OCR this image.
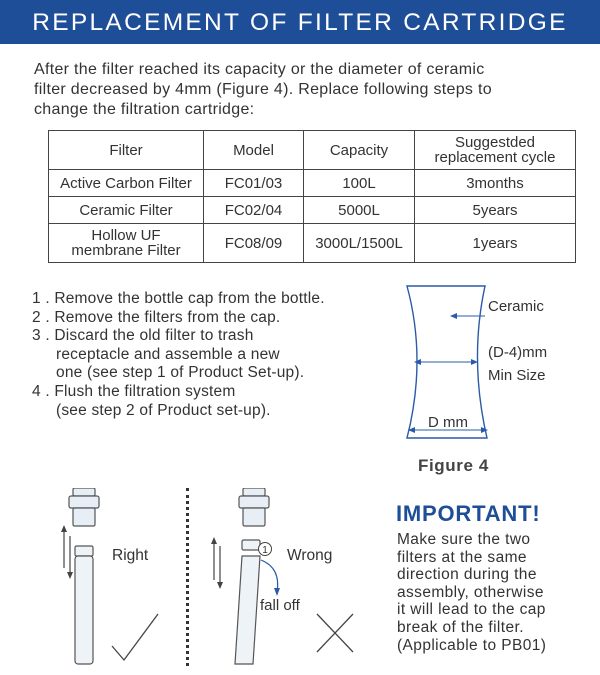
REPLACEMENT OF FILTER CARTRIDGE
After the filter reached its capacity or the diameter of ceramic
filter decreased by 4mm (Figure 4). Replace following steps to
change the filtration cartridge:
Filter	Model	Capacity	Suggestded
replacement cycle

Active Carbon Filter	FC01/03	100L	3months
Ceramic Filter	FC02/04	5000L	5years

Hollow UF
membrane Filter	FC08/09	3000L/1500L	1years
1 . Remove the bottle cap from the bottle.
2 . Remove the filters from the cap.
3 . Discard the old filter to trash
receptacle and assemble a new
one (see step 1 of Product Set-up).
4 . Flush the filtration system
(see step 2 of Product set-up).
Ceramic
(D-4)mm
Min Size
D mm
Figure 4
Right	1 Wrong
fall off
IMPORTANT!
Make sure the two
filters at the same
direction during the
assembly, otherwise
it will lead to the cap
break of the filter.
(Applicable to PB01)
